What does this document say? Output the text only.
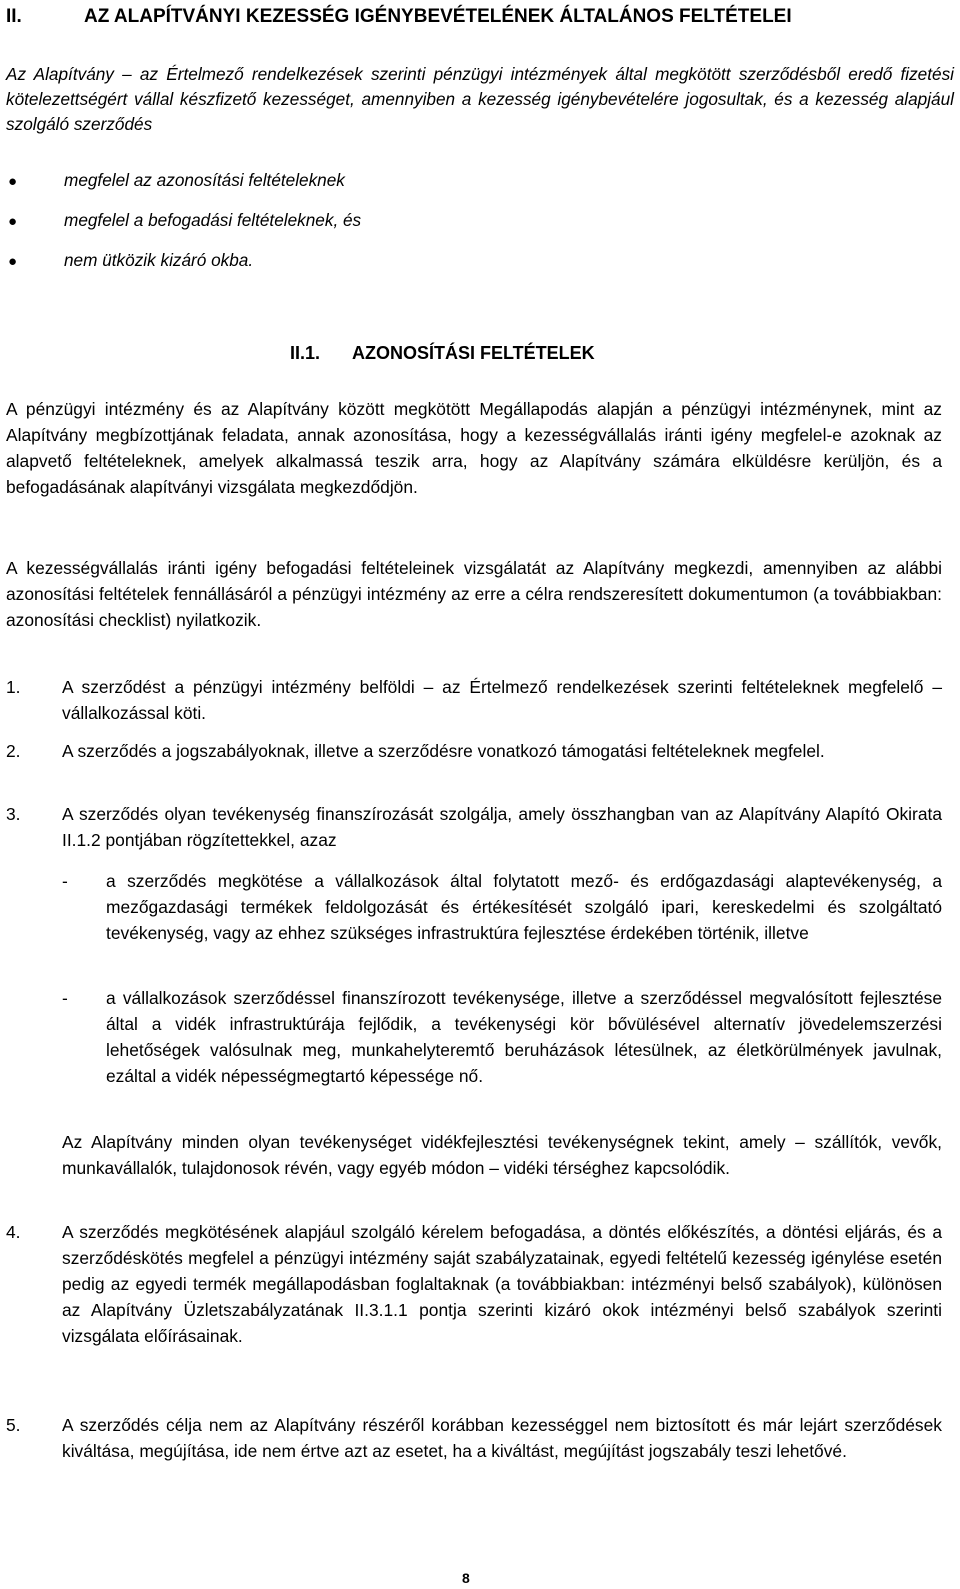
II.	AZ ALAPÍTVÁNYI KEZESSÉG IGÉNYBEVÉTELÉNEK ÁLTALÁNOS FELTÉTELEI
Az Alapítvány – az Értelmező rendelkezések szerinti pénzügyi intézmények által megkötött szerződésből eredő fizetési kötelezettségért vállal készfizető kezességet, amennyiben a kezesség igénybevételére jogosultak, és a kezesség alapjául szolgáló szerződés
●	megfelel az azonosítási feltételeknek
●	megfelel a befogadási feltételeknek, és
●	nem ütközik kizáró okba.
II.1. AZONOSÍTÁSI FELTÉTELEK
A pénzügyi intézmény és az Alapítvány között megkötött Megállapodás alapján a pénzügyi intézménynek, mint az Alapítvány megbízottjának feladata, annak azonosítása, hogy a kezességvállalás iránti igény megfelel-e azoknak az alapvető feltételeknek, amelyek alkalmassá teszik arra, hogy az Alapítvány számára elküldésre kerüljön, és a befogadásának alapítványi vizsgálata megkezdődjön.
A kezességvállalás iránti igény befogadási feltételeinek vizsgálatát az Alapítvány megkezdi, amennyiben az alábbi azonosítási feltételek fennállásáról a pénzügyi intézmény az erre a célra rendszeresített dokumentumon (a továbbiakban: azonosítási checklist) nyilatkozik.
1.	A szerződést a pénzügyi intézmény belföldi – az Értelmező rendelkezések szerinti feltételeknek megfelelő – vállalkozással köti.
2.	A szerződés a jogszabályoknak, illetve a szerződésre vonatkozó támogatási feltételeknek megfelel.
3.	A szerződés olyan tevékenység finanszírozását szolgálja, amely összhangban van az Alapítvány Alapító Okirata II.1.2 pontjában rögzítettekkel, azaz
- a szerződés megkötése a vállalkozások által folytatott mező- és erdőgazdasági alaptevékenység, a mezőgazdasági termékek feldolgozását és értékesítését szolgáló ipari, kereskedelmi és szolgáltató tevékenység, vagy az ehhez szükséges infrastruktúra fejlesztése érdekében történik, illetve
- a vállalkozások szerződéssel finanszírozott tevékenysége, illetve a szerződéssel megvalósított fejlesztése által a vidék infrastruktúrája fejlődik, a tevékenységi kör bővülésével alternatív jövedelemszerzési lehetőségek valósulnak meg, munkahelyteremtő beruházások létesülnek, az életkörülmények javulnak, ezáltal a vidék népességmegtartó képessége nő.
Az Alapítvány minden olyan tevékenységet vidékfejlesztési tevékenységnek tekint, amely – szállítók, vevők, munkavállalók, tulajdonosok révén, vagy egyéb módon – vidéki térséghez kapcsolódik.
4.	A szerződés megkötésének alapjául szolgáló kérelem befogadása, a döntés előkészítés, a döntési eljárás, és a szerződéskötés megfelel a pénzügyi intézmény saját szabályzatainak, egyedi feltételű kezesség igénylése esetén pedig az egyedi termék megállapodásban foglaltaknak (a továbbiakban: intézményi belső szabályok), különösen az Alapítvány Üzletszabályzatának II.3.1.1 pontja szerinti kizáró okok intézményi belső szabályok szerinti vizsgálata előírásainak.
5.	A szerződés célja nem az Alapítvány részéről korábban kezességgel nem biztosított és már lejárt szerződések kiváltása, megújítása, ide nem értve azt az esetet, ha a kiváltást, megújítást jogszabály teszi lehetővé.
8
